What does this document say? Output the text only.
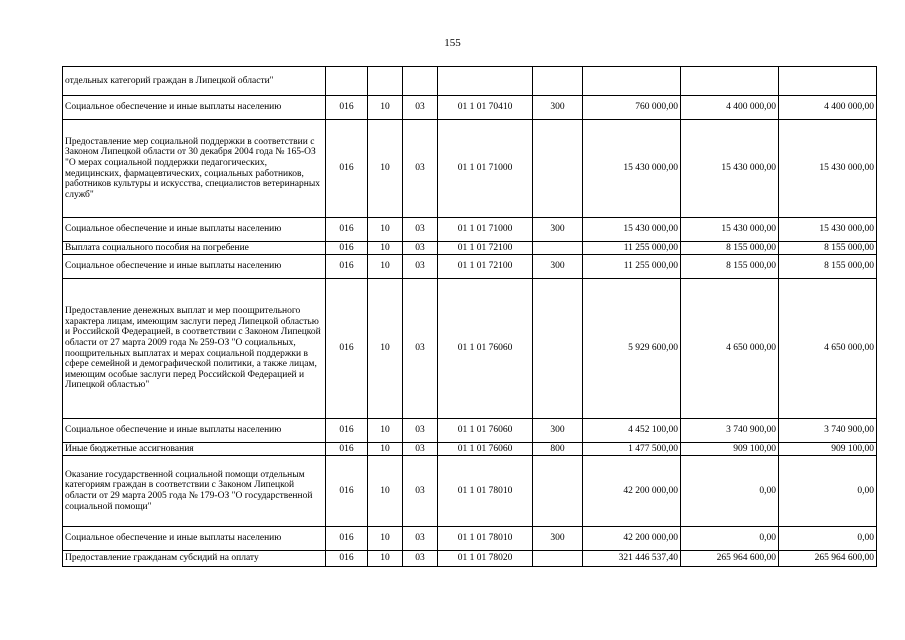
155
отдельных категорий граждан в Липецкой области"								
Социальное обеспечение и иные выплаты населению	016	10	03	01 1 01 70410	300	760 000,00	4 400 000,00	4 400 000,00
Предоставление мер социальной поддержки в соответствии с Законом Липецкой области от 30 декабря 2004 года № 165-ОЗ "О мерах социальной поддержки педагогических, медицинских, фармацевтических, социальных работников, работников культуры и искусства, специалистов ветеринарных служб"	016	10	03	01 1 01 71000		15 430 000,00	15 430 000,00	15 430 000,00
Социальное обеспечение и иные выплаты населению	016	10	03	01 1 01 71000	300	15 430 000,00	15 430 000,00	15 430 000,00
Выплата социального пособия на погребение	016	10	03	01 1 01 72100		11 255 000,00	8 155 000,00	8 155 000,00
Социальное обеспечение и иные выплаты населению	016	10	03	01 1 01 72100	300	11 255 000,00	8 155 000,00	8 155 000,00
Предоставление денежных выплат и мер поощрительного характера лицам, имеющим заслуги перед Липецкой областью и Российской Федерацией, в соответствии с Законом Липецкой области от 27 марта 2009 года № 259-ОЗ "О социальных, поощрительных выплатах и мерах социальной поддержки в сфере семейной и демографической политики, а также лицам, имеющим особые заслуги перед Российской Федерацией и Липецкой областью"	016	10	03	01 1 01 76060		5 929 600,00	4 650 000,00	4 650 000,00
Социальное обеспечение и иные выплаты населению	016	10	03	01 1 01 76060	300	4 452 100,00	3 740 900,00	3 740 900,00
Иные бюджетные ассигнования	016	10	03	01 1 01 76060	800	1 477 500,00	909 100,00	909 100,00
Оказание государственной социальной помощи отдельным категориям граждан в соответствии с Законом Липецкой области от 29 марта 2005 года № 179-ОЗ "О государственной социальной помощи"	016	10	03	01 1 01 78010		42 200 000,00	0,00	0,00
Социальное обеспечение и иные выплаты населению	016	10	03	01 1 01 78010	300	42 200 000,00	0,00	0,00
Предоставление гражданам субсидий на оплату	016	10	03	01 1 01 78020		321 446 537,40	265 964 600,00	265 964 600,00
